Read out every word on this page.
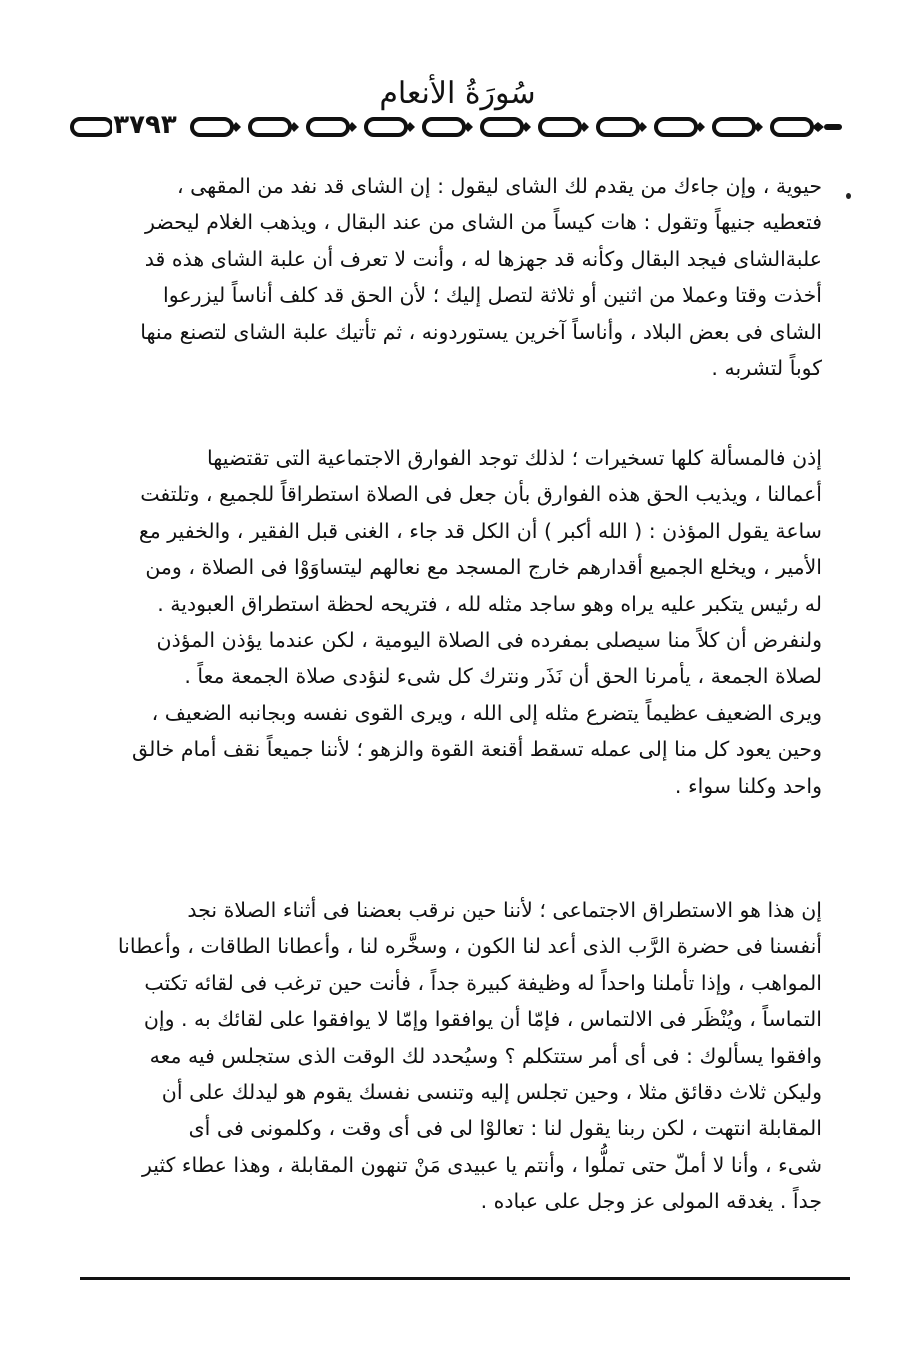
سُورَةُ الأنعام
٣٧٩٣

حيوية ، وإن جاءك من يقدم لك الشاى ليقول : إن الشاى قد نفد من المقهى ،

فتعطيه جنيهاً وتقول : هات كيساً من الشاى من عند البقال ، ويذهب الغلام ليحضر

علبةالشاى فيجد البقال وكأنه قد جهزها له ، وأنت لا تعرف أن علبة الشاى هذه قد

أخذت وقتا وعملا من اثنين أو ثلاثة لتصل إليك ؛ لأن الحق قد كلف أناساً ليزرعوا

الشاى فى بعض البلاد ، وأناساً آخرين يستوردونه ، ثم تأتيك علبة الشاى لتصنع منها

كوباً لتشربه .

إذن فالمسألة كلها تسخيرات ؛ لذلك توجد الفوارق الاجتماعية التى تقتضيها

أعمالنا ، ويذيب الحق هذه الفوارق بأن جعل فى الصلاة استطراقاً للجميع ، وتلتفت

ساعة يقول المؤذن : ( الله أكبر ) أن الكل قد جاء ، الغنى قبل الفقير ، والخفير مع

الأمير ، ويخلع الجميع أقدارهم خارج المسجد مع نعالهم ليتساوَوْا فى الصلاة ، ومن

له رئيس يتكبر عليه يراه وهو ساجد مثله لله ، فتريحه لحظة استطراق العبودية .

ولنفرض أن كلاً منا سيصلى بمفرده فى الصلاة اليومية ، لكن عندما يؤذن المؤذن

لصلاة الجمعة ، يأمرنا الحق أن نَذَر ونترك كل شىء لنؤدى صلاة الجمعة معاً .

ويرى الضعيف عظيماً يتضرع مثله إلى الله ، ويرى القوى نفسه وبجانبه الضعيف ،

وحين يعود كل منا إلى عمله تسقط أقنعة القوة والزهو ؛ لأننا جميعاً نقف أمام خالق

واحد وكلنا سواء .

إن هذا هو الاستطراق الاجتماعى ؛ لأننا حين نرقب بعضنا فى أثناء الصلاة نجد

أنفسنا فى حضرة الرَّب الذى أعد لنا الكون ، وسخَّره لنا ، وأعطانا الطاقات ، وأعطانا

المواهب ، وإذا تأملنا واحداً له وظيفة كبيرة جداً ، فأنت حين ترغب فى لقائه تكتب

التماساً ، ويُنْظَر فى الالتماس ، فإمّا أن يوافقوا وإمّا لا يوافقوا على لقائك به . وإن

وافقوا يسألوك : فى أى أمر ستتكلم ؟ وسيُحدد لك الوقت الذى ستجلس فيه معه

وليكن ثلاث دقائق مثلا ، وحين تجلس إليه وتنسى نفسك يقوم هو ليدلك على أن

المقابلة انتهت ، لكن ربنا يقول لنا : تعالوْا لى فى أى وقت ، وكلمونى فى أى

شىء ، وأنا لا أملّ حتى تملُّوا ، وأنتم يا عبيدى مَنْ تنهون المقابلة ، وهذا عطاء كثير

جداً . يغدقه المولى عز وجل على عباده .
